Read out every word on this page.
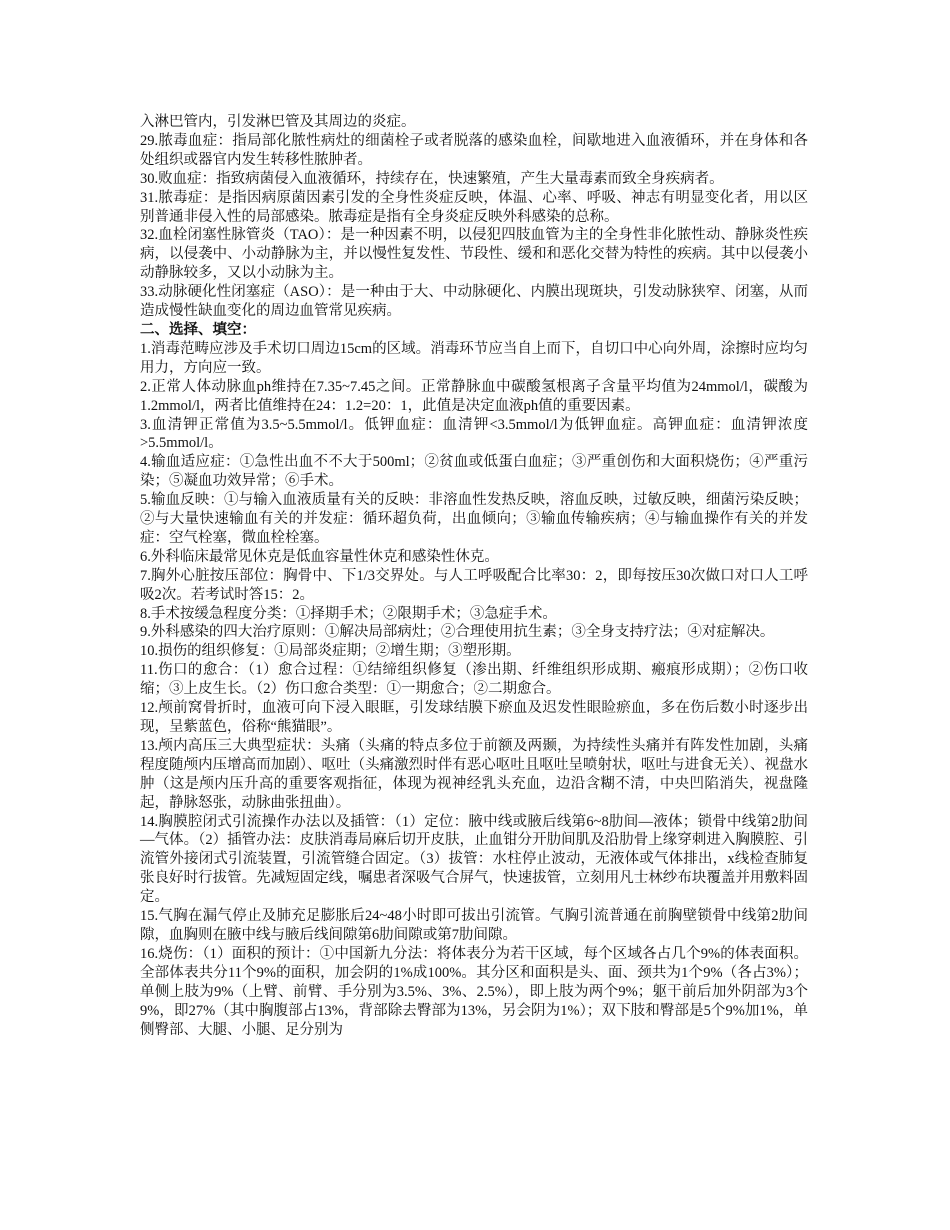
入淋巴管内，引发淋巴管及其周边的炎症。

29.脓毒血症：指局部化脓性病灶的细菌栓子或者脱落的感染血栓，间歇地进入血液循环，并在身体和各处组织或器官内发生转移性脓肿者。

30.败血症：指致病菌侵入血液循环，持续存在，快速繁殖，产生大量毒素而致全身疾病者。

31.脓毒症：是指因病原菌因素引发的全身性炎症反映，体温、心率、呼吸、神志有明显变化者，用以区别普通非侵入性的局部感染。脓毒症是指有全身炎症反映外科感染的总称。

32.血栓闭塞性脉管炎（TAO）：是一种因素不明，以侵犯四肢血管为主的全身性非化脓性动、静脉炎性疾病，以侵袭中、小动静脉为主，并以慢性复发性、节段性、缓和和恶化交替为特性的疾病。其中以侵袭小动静脉较多，又以小动脉为主。

33.动脉硬化性闭塞症（ASO）：是一种由于大、中动脉硬化、内膜出现斑块，引发动脉狭窄、闭塞，从而造成慢性缺血变化的周边血管常见疾病。

二、选择、填空：

1.消毒范畴应涉及手术切口周边15cm的区域。消毒环节应当自上而下，自切口中心向外周，涂擦时应均匀用力，方向应一致。

2.正常人体动脉血ph维持在7.35~7.45之间。正常静脉血中碳酸氢根离子含量平均值为24mmol/l，碳酸为1.2mmol/l，两者比值维持在24：1.2=20：1，此值是决定血液ph值的重要因素。

3.血清钾正常值为3.5~5.5mmol/l。低钾血症：血清钾<3.5mmol/l为低钾血症。高钾血症：血清钾浓度>5.5mmol/l。

4.输血适应症：①急性出血不不大于500ml；②贫血或低蛋白血症；③严重创伤和大面积烧伤；④严重污染；⑤凝血功效异常；⑥手术。

5.输血反映：①与输入血液质量有关的反映：非溶血性发热反映，溶血反映，过敏反映，细菌污染反映；②与大量快速输血有关的并发症：循环超负荷，出血倾向；③输血传输疾病；④与输血操作有关的并发症：空气栓塞，微血栓栓塞。

6.外科临床最常见休克是低血容量性休克和感染性休克。

7.胸外心脏按压部位：胸骨中、下1/3交界处。与人工呼吸配合比率30：2，即每按压30次做口对口人工呼吸2次。若考试时答15：2。

8.手术按缓急程度分类：①择期手术；②限期手术；③急症手术。

9.外科感染的四大治疗原则：①解决局部病灶；②合理使用抗生素；③全身支持疗法；④对症解决。

10.损伤的组织修复：①局部炎症期；②增生期；③塑形期。

11.伤口的愈合：（1）愈合过程：①结缔组织修复（渗出期、纤维组织形成期、瘢痕形成期）；②伤口收缩；③上皮生长。（2）伤口愈合类型：①一期愈合；②二期愈合。

12.颅前窝骨折时，血液可向下浸入眼眶，引发球结膜下瘀血及迟发性眼睑瘀血，多在伤后数小时逐步出现，呈紫蓝色，俗称“熊猫眼”。

13.颅内高压三大典型症状：头痛（头痛的特点多位于前额及两颞，为持续性头痛并有阵发性加剧，头痛程度随颅内压增高而加剧）、呕吐（头痛激烈时伴有恶心呕吐且呕吐呈喷射状，呕吐与进食无关）、视盘水肿（这是颅内压升高的重要客观指征，体现为视神经乳头充血，边沿含糊不清，中央凹陷消失，视盘隆起，静脉怒张，动脉曲张扭曲）。

14.胸膜腔闭式引流操作办法以及插管：（1）定位：腋中线或腋后线第6~8肋间—液体；锁骨中线第2肋间—气体。（2）插管办法：皮肤消毒局麻后切开皮肤，止血钳分开肋间肌及沿肋骨上缘穿刺进入胸膜腔、引流管外接闭式引流装置，引流管缝合固定。（3）拔管：水柱停止波动，无液体或气体排出，x线检查肺复张良好时行拔管。先减短固定线，嘱患者深吸气合屏气，快速拔管，立刻用凡士林纱布块覆盖并用敷料固定。

15.气胸在漏气停止及肺充足膨胀后24~48小时即可拔出引流管。气胸引流普通在前胸壁锁骨中线第2肋间隙，血胸则在腋中线与腋后线间隙第6肋间隙或第7肋间隙。

16.烧伤：（1）面积的预计：①中国新九分法：将体表分为若干区域，每个区域各占几个9%的体表面积。全部体表共分11个9%的面积，加会阴的1%成100%。其分区和面积是头、面、颈共为1个9%（各占3%）；单侧上肢为9%（上臂、前臂、手分别为3.5%、3%、2.5%），即上肢为两个9%；躯干前后加外阴部为3个9%，即27%（其中胸腹部占13%，背部除去臀部为13%，另会阴为1%）；双下肢和臀部是5个9%加1%，单侧臀部、大腿、小腿、足分别为
